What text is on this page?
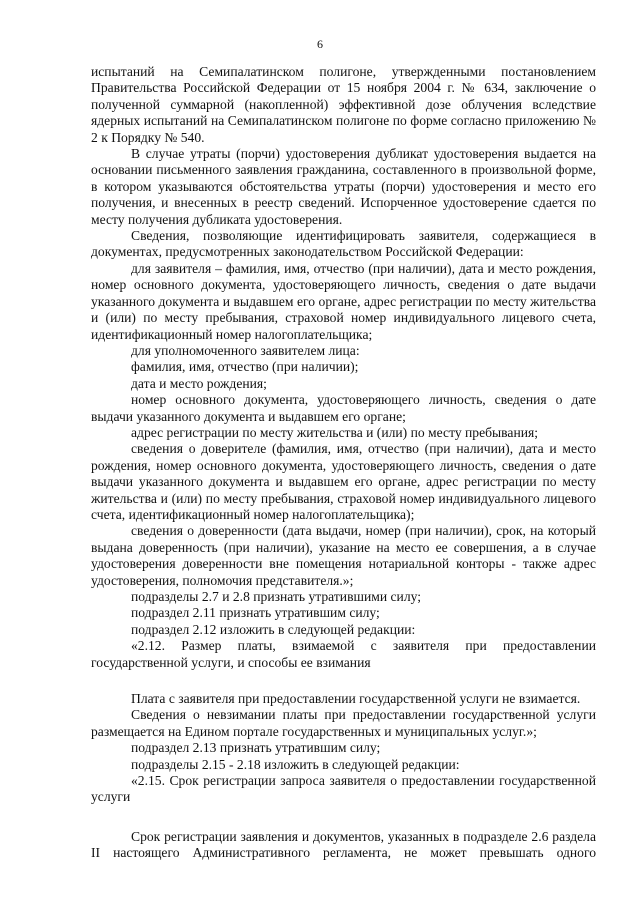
6

испытаний на Семипалатинском полигоне, утвержденными постановлением Правительства Российской Федерации от 15 ноября 2004 г. № 634, заключение о полученной суммарной (накопленной) эффективной дозе облучения вследствие ядерных испытаний на Семипалатинском полигоне по форме согласно приложению № 2 к Порядку № 540.

В случае утраты (порчи) удостоверения дубликат удостоверения выдается на основании письменного заявления гражданина, составленного в произвольной форме, в котором указываются обстоятельства утраты (порчи) удостоверения и место его получения, и внесенных в реестр сведений. Испорченное удостоверение сдается по месту получения дубликата удостоверения.

Сведения, позволяющие идентифицировать заявителя, содержащиеся в документах, предусмотренных законодательством Российской Федерации:

для заявителя – фамилия, имя, отчество (при наличии), дата и место рождения, номер основного документа, удостоверяющего личность, сведения о дате выдачи указанного документа и выдавшем его органе, адрес регистрации по месту жительства и (или) по месту пребывания, страховой номер индивидуального лицевого счета, идентификационный номер налогоплательщика;

для уполномоченного заявителем лица:

фамилия, имя, отчество (при наличии);

дата и место рождения;

номер основного документа, удостоверяющего личность, сведения о дате выдачи указанного документа и выдавшем его органе;

адрес регистрации по месту жительства и (или) по месту пребывания;

сведения о доверителе (фамилия, имя, отчество (при наличии), дата и место рождения, номер основного документа, удостоверяющего личность, сведения о дате выдачи указанного документа и выдавшем его органе, адрес регистрации по месту жительства и (или) по месту пребывания, страховой номер индивидуального лицевого счета, идентификационный номер налогоплательщика);

сведения о доверенности (дата выдачи, номер (при наличии), срок, на который выдана доверенность (при наличии), указание на место ее совершения, а в случае удостоверения доверенности вне помещения нотариальной конторы - также адрес удостоверения, полномочия представителя.»;

подразделы 2.7 и 2.8 признать утратившими силу;

подраздел 2.11 признать утратившим силу;

подраздел 2.12 изложить в следующей редакции:

«2.12. Размер платы, взимаемой с заявителя при предоставлении государственной услуги, и способы ее взимания

Плата с заявителя при предоставлении государственной услуги не взимается.

Сведения о невзимании платы при предоставлении государственной услуги размещается на Едином портале государственных и муниципальных услуг.»;

подраздел 2.13 признать утратившим силу;

подразделы 2.15 - 2.18 изложить в следующей редакции:

«2.15. Срок регистрации запроса заявителя о предоставлении государственной услуги

Срок регистрации заявления и документов, указанных в подразделе 2.6 раздела II настоящего Административного регламента, не может превышать одного
